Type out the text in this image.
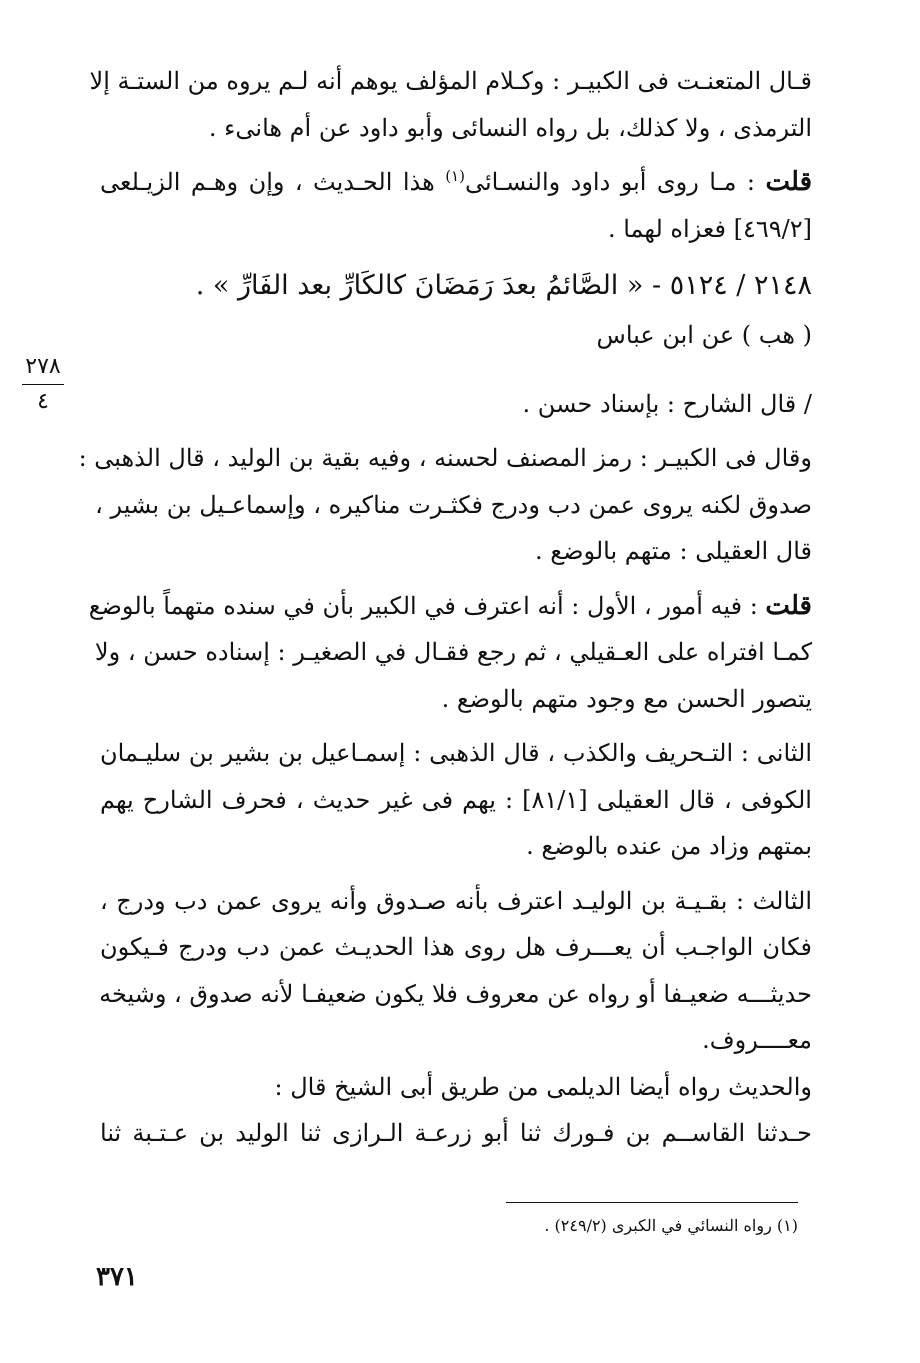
٢٧٨
٤
قـال المتعنـت فى الكبيـر : وكـلام المؤلف يوهم أنه لـم يروه من الستـة إلا
الترمذى ، ولا كذلك، بل رواه النسائى وأبو داود عن أم هانىء .
قلت : مـا روى أبو داود والنسـائى$^{(١)}$ هذا الحـديث ، وإن وهـم الزيـلعى
[٤٦٩/٢] فعزاه لهما .
٢١٤٨ / ٥١٢٤ - « الصَّائمُ بعدَ رَمَضَانَ كالكَارِّ بعد الفَارِّ » .
( هب ) عن ابن عباس
/ قال الشارح : بإسناد حسن .
وقال فى الكبيـر : رمز المصنف لحسنه ، وفيه بقية بن الوليد ، قال الذهبى :
صدوق لكنه يروى عمن دب ودرج فكثـرت مناكيره ، وإسماعـيل بن بشير ،
قال العقيلى : متهم بالوضع .
قلت : فيه أمور ، الأول : أنه اعترف في الكبير بأن في سنده متهماً بالوضع
كمـا افتراه على العـقيلي ، ثم رجع فقـال في الصغيـر : إسناده حسن ، ولا
يتصور الحسن مع وجود متهم بالوضع .
الثانى : التـحريف والكذب ، قال الذهبى : إسمـاعيل بن بشير بن سليـمان
الكوفى ، قال العقيلى [٨١/١] : يهم فى غير حديث ، فحرف الشارح يهم
بمتهم وزاد من عنده بالوضع .
الثالث : بقـيـة بن الوليـد اعترف بأنه صـدوق وأنه يروى عمن دب ودرج ،
فكان الواجـب أن يعـــرف هل روى هذا الحديـث عمن دب ودرج فـيكون
حديثـــه ضعيـفا أو رواه عن معروف فلا يكون ضعيفـا لأنه صدوق ، وشيخه
معــــروف.
والحديث رواه أيضا الديلمى من طريق أبى الشيخ قال :
حـدثنا القاســم بن فـورك ثنا أبو زرعـة الـرازى ثنا الوليد بن عـتـبة ثنا
(١) رواه النسائي في الكبرى (٢٤٩/٢) .
٣٧١
